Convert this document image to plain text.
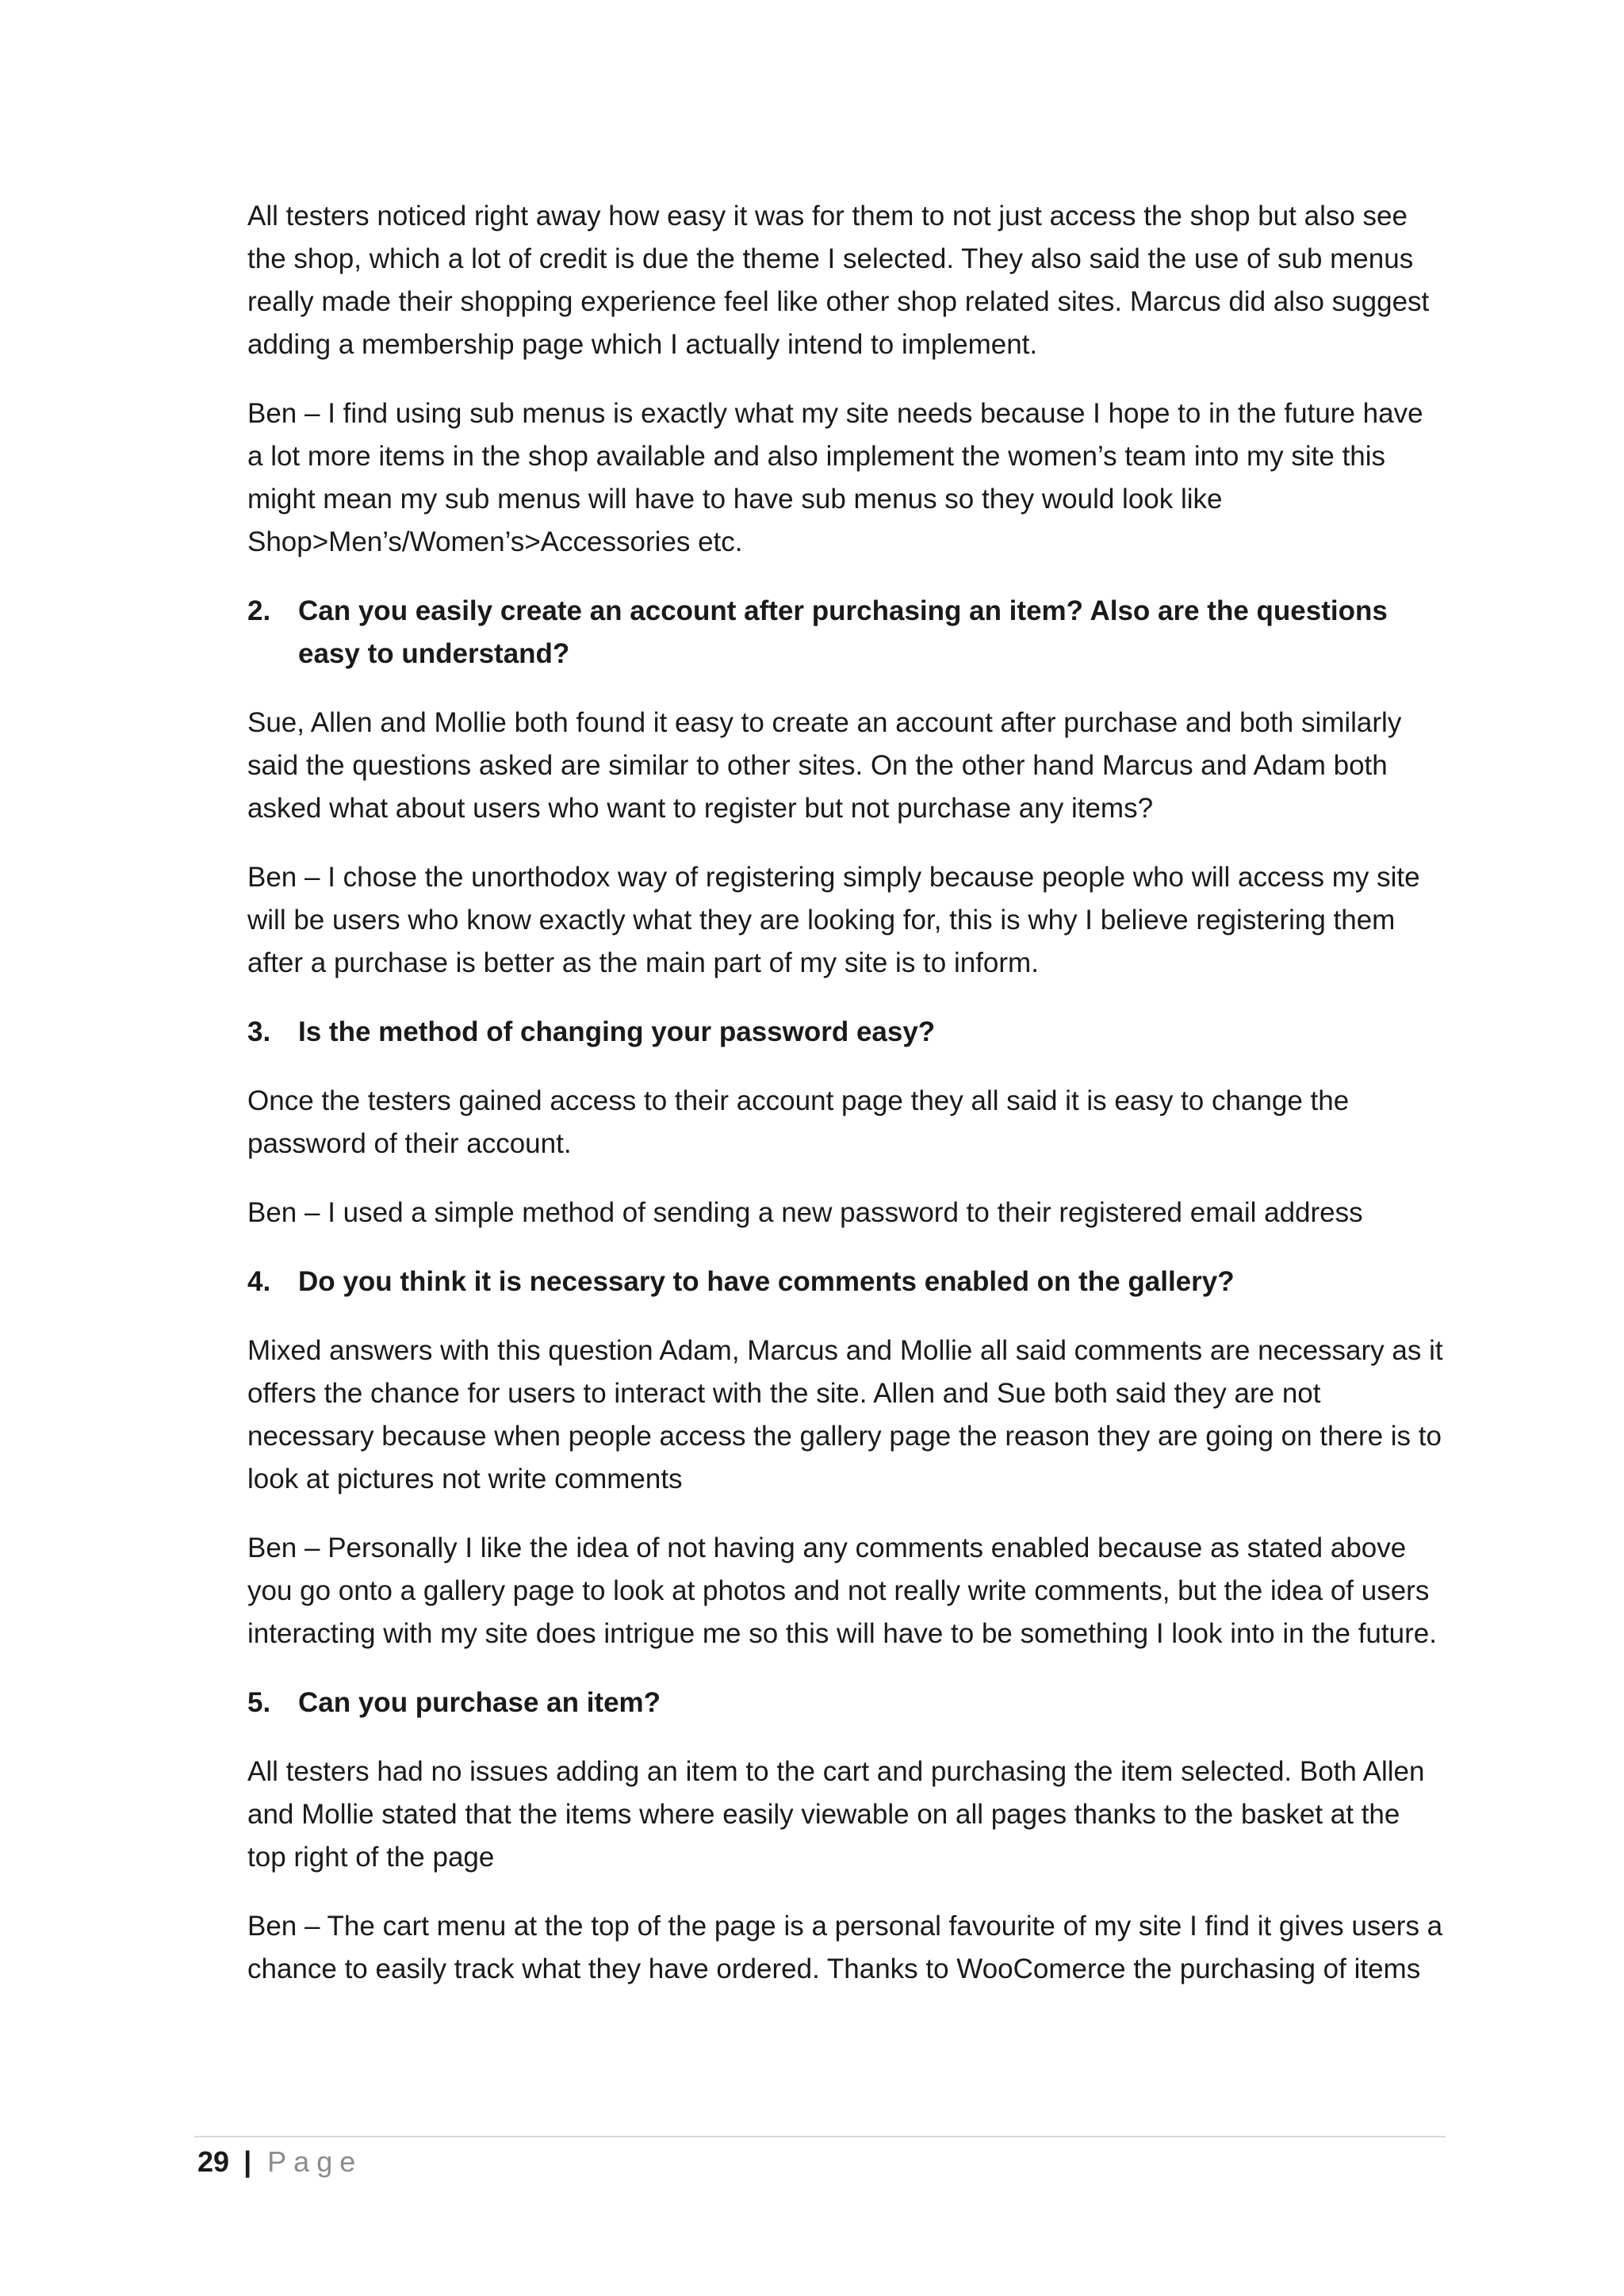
All testers noticed right away how easy it was for them to not just access the shop but also see the shop, which a lot of credit is due the theme I selected. They also said the use of sub menus really made their shopping experience feel like other shop related sites. Marcus did also suggest adding a membership page which I actually intend to implement.

Ben – I find using sub menus is exactly what my site needs because I hope to in the future have a lot more items in the shop available and also implement the women’s team into my site this might mean my sub menus will have to have sub menus so they would look like Shop>Men’s/Women’s>Accessories etc.

2. Can you easily create an account after purchasing an item? Also are the questions easy to understand?

Sue, Allen and Mollie both found it easy to create an account after purchase and both similarly said the questions asked are similar to other sites. On the other hand Marcus and Adam both asked what about users who want to register but not purchase any items?

Ben – I chose the unorthodox way of registering simply because people who will access my site will be users who know exactly what they are looking for, this is why I believe registering them after a purchase is better as the main part of my site is to inform.

3. Is the method of changing your password easy?

Once the testers gained access to their account page they all said it is easy to change the password of their account.

Ben – I used a simple method of sending a new password to their registered email address

4. Do you think it is necessary to have comments enabled on the gallery?

Mixed answers with this question Adam, Marcus and Mollie all said comments are necessary as it offers the chance for users to interact with the site. Allen and Sue both said they are not necessary because when people access the gallery page the reason they are going on there is to look at pictures not write comments

Ben – Personally I like the idea of not having any comments enabled because as stated above you go onto a gallery page to look at photos and not really write comments, but the idea of users interacting with my site does intrigue me so this will have to be something I look into in the future.

5. Can you purchase an item?

All testers had no issues adding an item to the cart and purchasing the item selected. Both Allen and Mollie stated that the items where easily viewable on all pages thanks to the basket at the top right of the page

Ben – The cart menu at the top of the page is a personal favourite of my site I find it gives users a chance to easily track what they have ordered. Thanks to WooComerce the purchasing of items

29 | Page
